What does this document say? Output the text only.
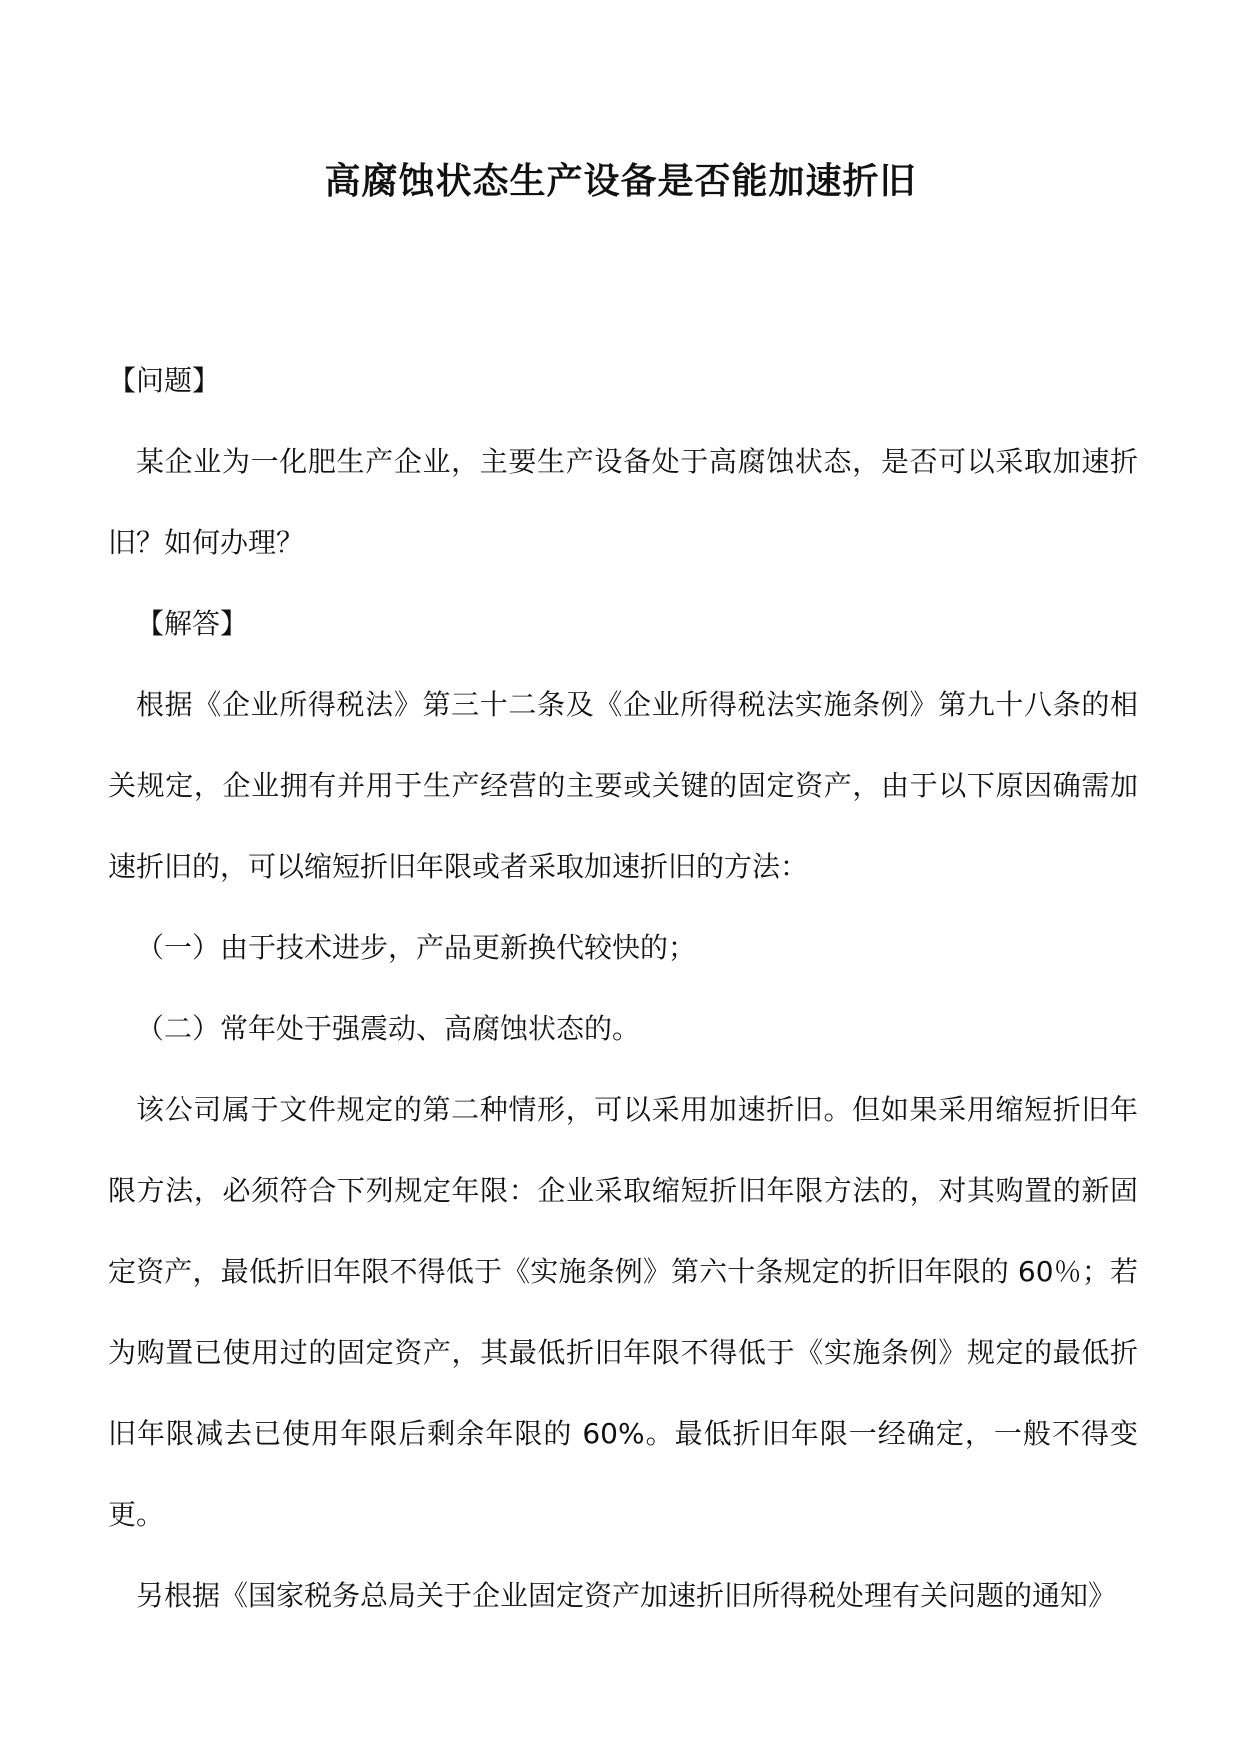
高腐蚀状态生产设备是否能加速折旧

【问题】

某企业为一化肥生产企业，主要生产设备处于高腐蚀状态，是否可以采取加速折旧？如何办理？

【解答】

根据《企业所得税法》第三十二条及《企业所得税法实施条例》第九十八条的相关规定，企业拥有并用于生产经营的主要或关键的固定资产，由于以下原因确需加速折旧的，可以缩短折旧年限或者采取加速折旧的方法：

（一）由于技术进步，产品更新换代较快的；

（二）常年处于强震动、高腐蚀状态的。

该公司属于文件规定的第二种情形，可以采用加速折旧。但如果采用缩短折旧年限方法，必须符合下列规定年限：企业采取缩短折旧年限方法的，对其购置的新固定资产，最低折旧年限不得低于《实施条例》第六十条规定的折旧年限的 60％；若为购置已使用过的固定资产，其最低折旧年限不得低于《实施条例》规定的最低折旧年限减去已使用年限后剩余年限的 60%。最低折旧年限一经确定，一般不得变更。

另根据《国家税务总局关于企业固定资产加速折旧所得税处理有关问题的通知》
